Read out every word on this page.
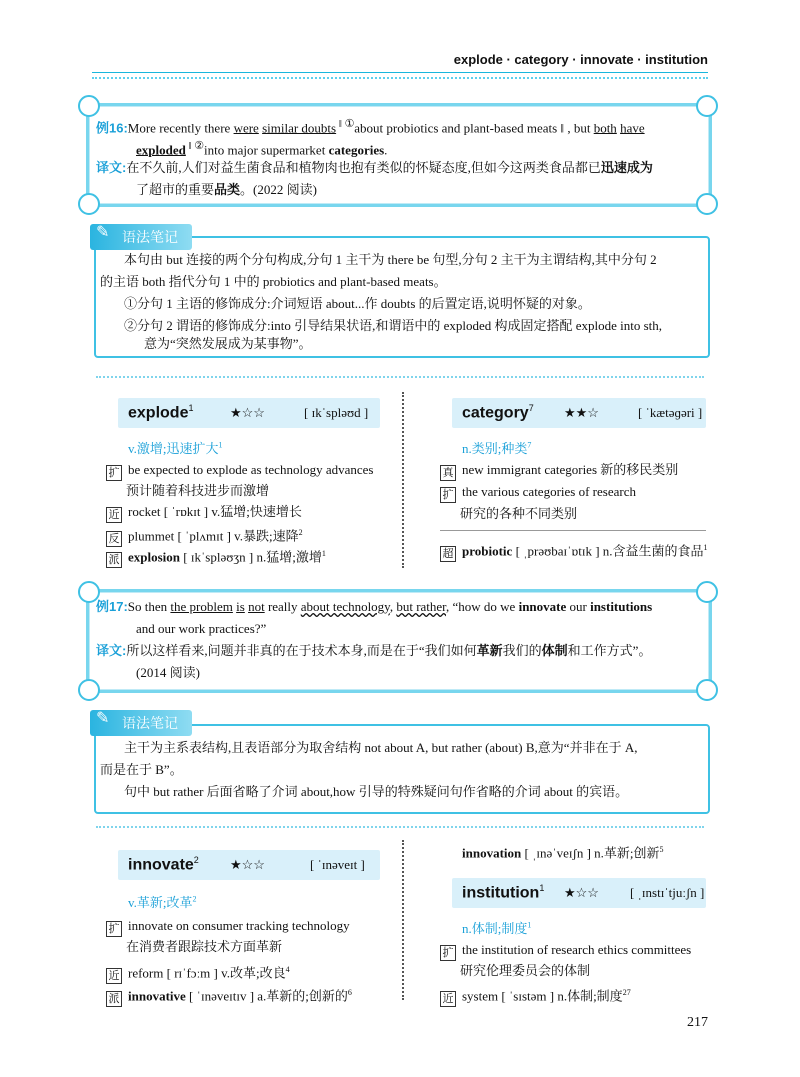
explode · category · innovate · institution
例16:More recently there were similar doubts ‖ ①about probiotics and plant-based meats ‖ , but both have
exploded ‖ ②into major supermarket categories.
译文:在不久前,人们对益生菌食品和植物肉也抱有类似的怀疑态度,但如今这两类食品都已迅速成为
了超市的重要品类。(2022 阅读)
语法笔记
✎
本句由 but 连接的两个分句构成,分句 1 主干为 there be 句型,分句 2 主干为主谓结构,其中分句 2
的主语 both 指代分句 1 中的 probiotics and plant-based meats。
①分句 1 主语的修饰成分:介词短语 about...作 doubts 的后置定语,说明怀疑的对象。
②分句 2 谓语的修饰成分:into 引导结果状语,和谓语中的 exploded 构成固定搭配 explode into sth,
意为“突然发展成为某事物”。
explode$^1$	★☆☆	[ ɪkˈspləʊd ]
v.激增;迅速扩大$^1$
扩 be expected to explode as technology advances
预计随着科技进步而激增
近 rocket [ ˈrɒkɪt ] v.猛增;快速增长
反 plummet [ ˈplʌmɪt ] v.暴跌;速降$^2$
派 explosion [ ɪkˈspləʊʒn ] n.猛增;激增$^1$
category$^7$ ★★☆	[ ˈkætəɡəri ]
n.类别;种类$^7$
真 new immigrant categories 新的移民类别
扩 the various categories of research
研究的各种不同类别
超 probiotic [ ˌprəʊbaɪˈɒtɪk ] n.含益生菌的食品$^1$
例17:So then the problem is not really about technology, but rather, “how do we innovate our institutions
and our work practices?”
译文:所以这样看来,问题并非真的在于技术本身,而是在于“我们如何革新我们的体制和工作方式”。
(2014 阅读)
语法笔记
✎
主干为主系表结构,且表语部分为取舍结构 not about A, but rather (about) B,意为“并非在于 A,
而是在于 B”。
句中 but rather 后面省略了介词 about,how 引导的特殊疑问句作省略的介词 about 的宾语。
innovate$^2$ ★☆☆	[ ˈɪnəveɪt ]
v.革新;改革$^2$
扩 innovate on consumer tracking technology
在消费者跟踪技术方面革新
近 reform [ rɪˈfɔːm ] v.改革;改良$^4$
派 innovative [ ˈɪnəveɪtɪv ] a.革新的;创新的$^6$
innovation [ ˌɪnəˈveɪʃn ] n.革新;创新$^5$
institution$^1$ ★☆☆ [ ˌɪnstɪˈtjuːʃn ]
n.体制;制度$^1$
扩 the institution of research ethics committees
研究伦理委员会的体制
近 system [ ˈsɪstəm ] n.体制;制度$^{27}$
217
